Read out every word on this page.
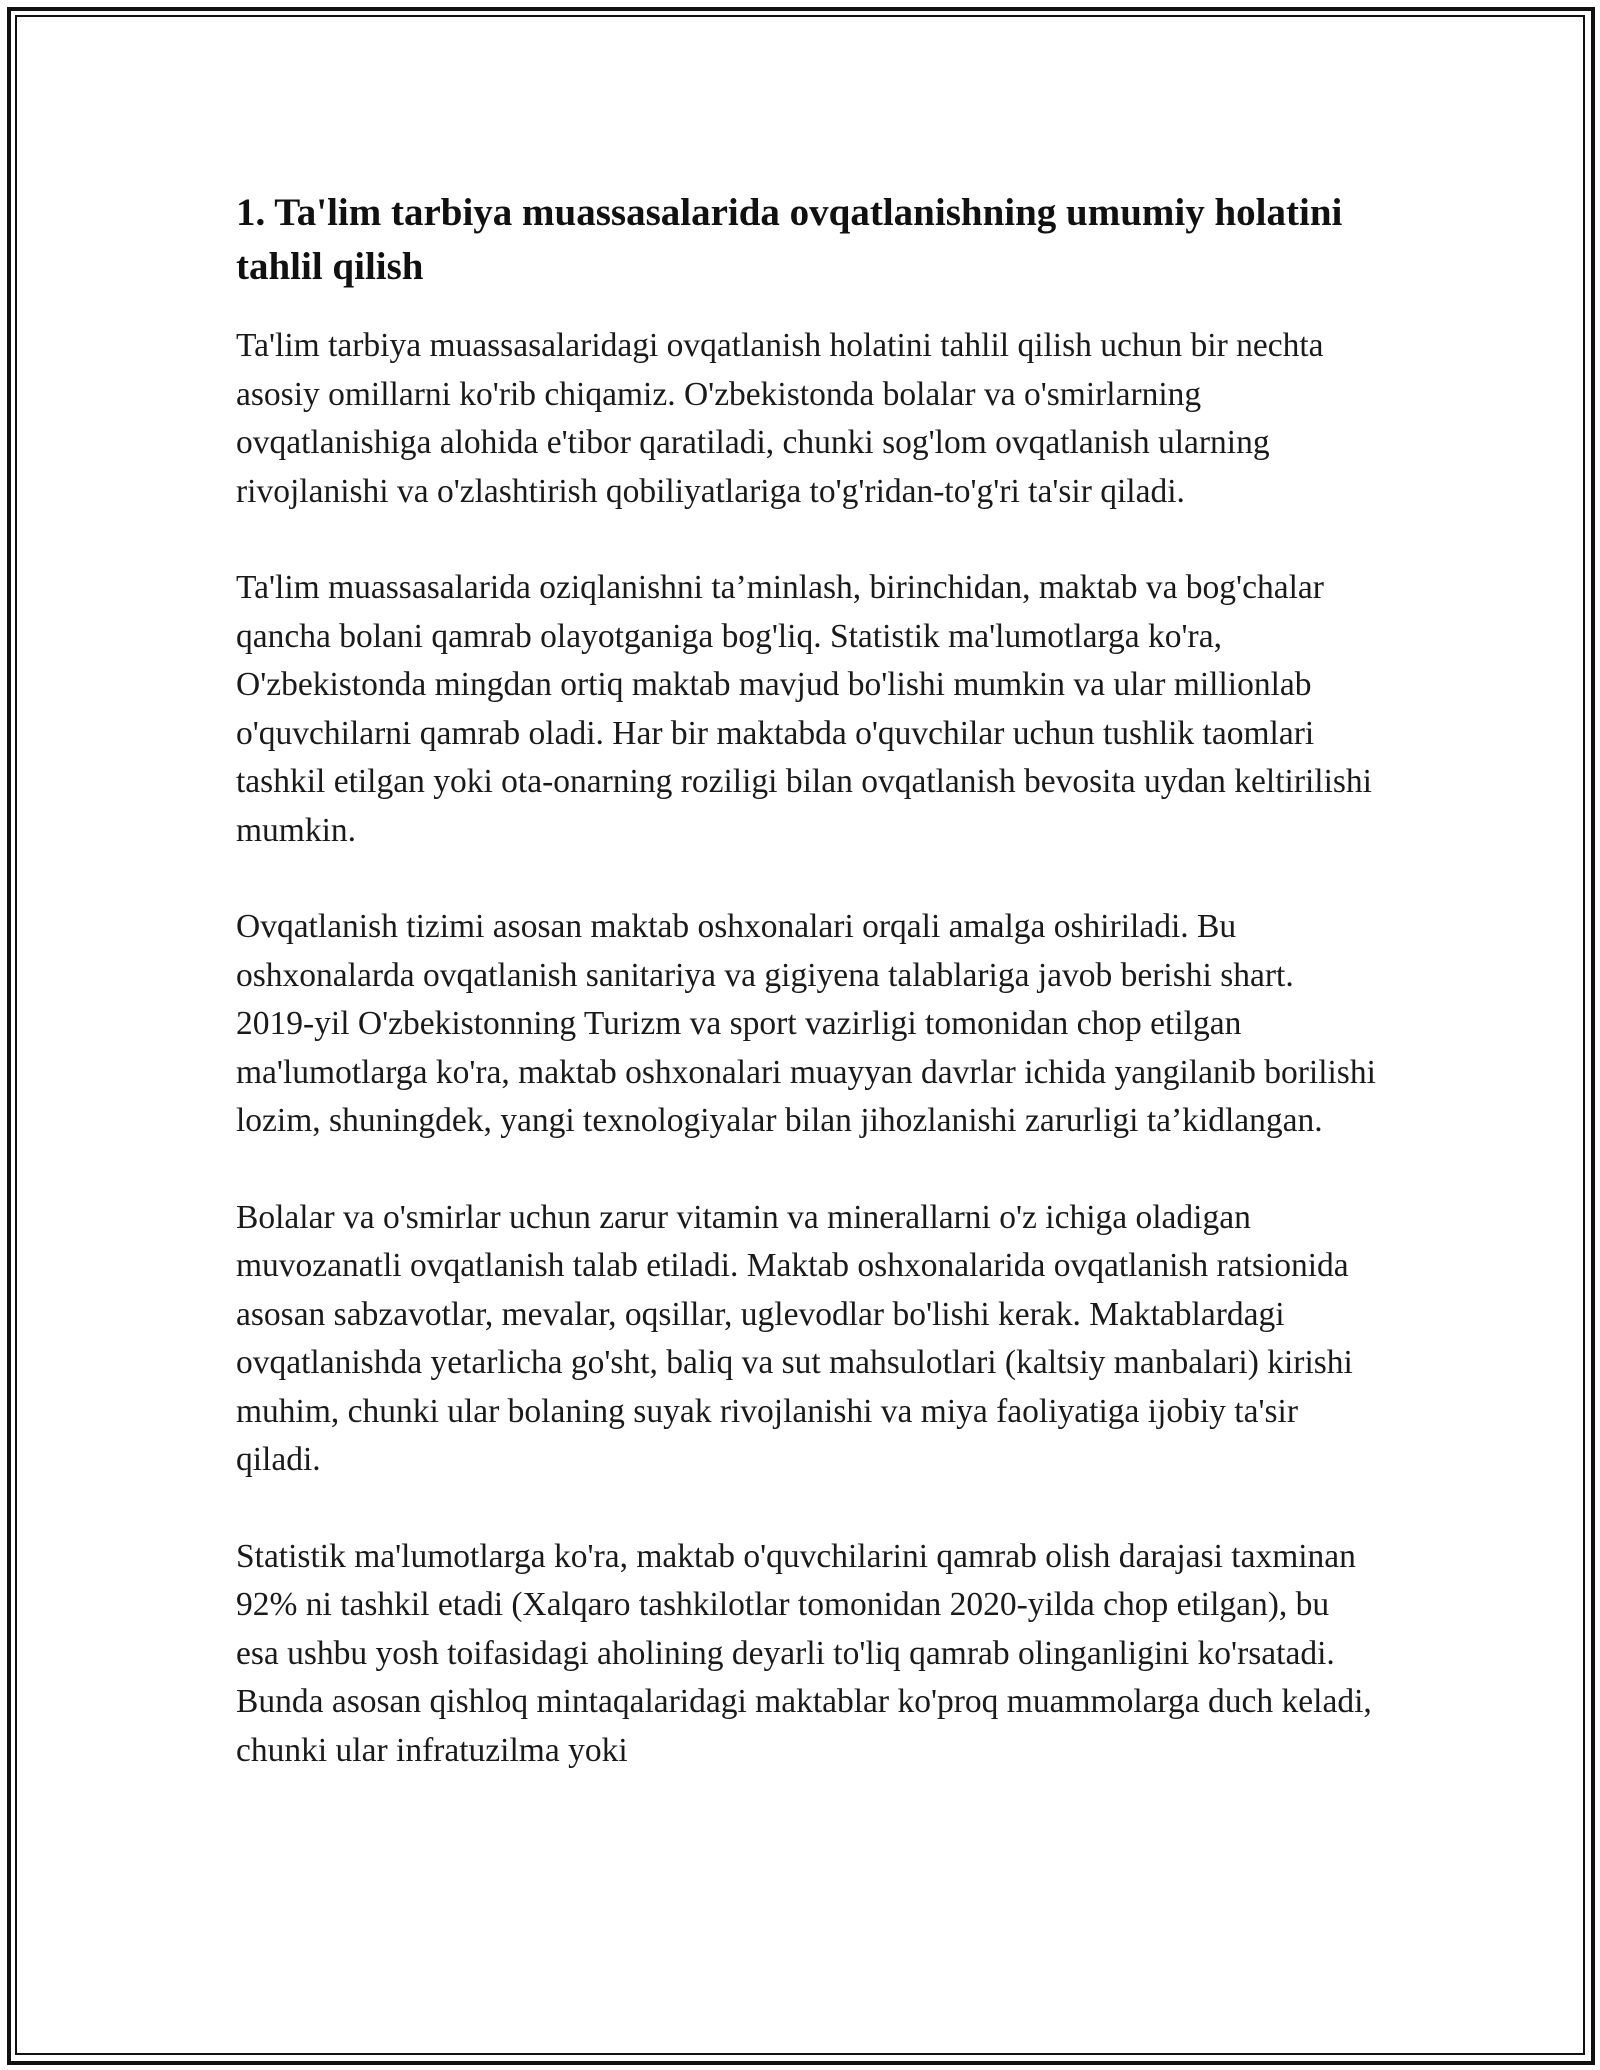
1. Ta'lim tarbiya muassasalarida ovqatlanishning umumiy holatini tahlil qilish

Ta'lim tarbiya muassasalaridagi ovqatlanish holatini tahlil qilish uchun bir nechta asosiy omillarni ko'rib chiqamiz. O'zbekistonda bolalar va o'smirlarning ovqatlanishiga alohida e'tibor qaratiladi, chunki sog'lom ovqatlanish ularning rivojlanishi va o'zlashtirish qobiliyatlariga to'g'ridan-to'g'ri ta'sir qiladi.

Ta'lim muassasalarida oziqlanishni ta’minlash, birinchidan, maktab va bog'chalar qancha bolani qamrab olayotganiga bog'liq. Statistik ma'lumotlarga ko'ra, O'zbekistonda mingdan ortiq maktab mavjud bo'lishi mumkin va ular millionlab o'quvchilarni qamrab oladi. Har bir maktabda o'quvchilar uchun tushlik taomlari tashkil etilgan yoki ota-onarning roziligi bilan ovqatlanish bevosita uydan keltirilishi mumkin.

Ovqatlanish tizimi asosan maktab oshxonalari orqali amalga oshiriladi. Bu oshxonalarda ovqatlanish sanitariya va gigiyena talablariga javob berishi shart. 2019-yil O'zbekistonning Turizm va sport vazirligi tomonidan chop etilgan ma'lumotlarga ko'ra, maktab oshxonalari muayyan davrlar ichida yangilanib borilishi lozim, shuningdek, yangi texnologiyalar bilan jihozlanishi zarurligi ta’kidlangan.

Bolalar va o'smirlar uchun zarur vitamin va minerallarni o'z ichiga oladigan muvozanatli ovqatlanish talab etiladi. Maktab oshxonalarida ovqatlanish ratsionida asosan sabzavotlar, mevalar, oqsillar, uglevodlar bo'lishi kerak. Maktablardagi ovqatlanishda yetarlicha go'sht, baliq va sut mahsulotlari (kaltsiy manbalari) kirishi muhim, chunki ular bolaning suyak rivojlanishi va miya faoliyatiga ijobiy ta'sir qiladi.

Statistik ma'lumotlarga ko'ra, maktab o'quvchilarini qamrab olish darajasi taxminan 92% ni tashkil etadi (Xalqaro tashkilotlar tomonidan 2020-yilda chop etilgan), bu esa ushbu yosh toifasidagi aholining deyarli to'liq qamrab olinganligini ko'rsatadi. Bunda asosan qishloq mintaqalaridagi maktablar ko'proq muammolarga duch keladi, chunki ular infratuzilma yoki
